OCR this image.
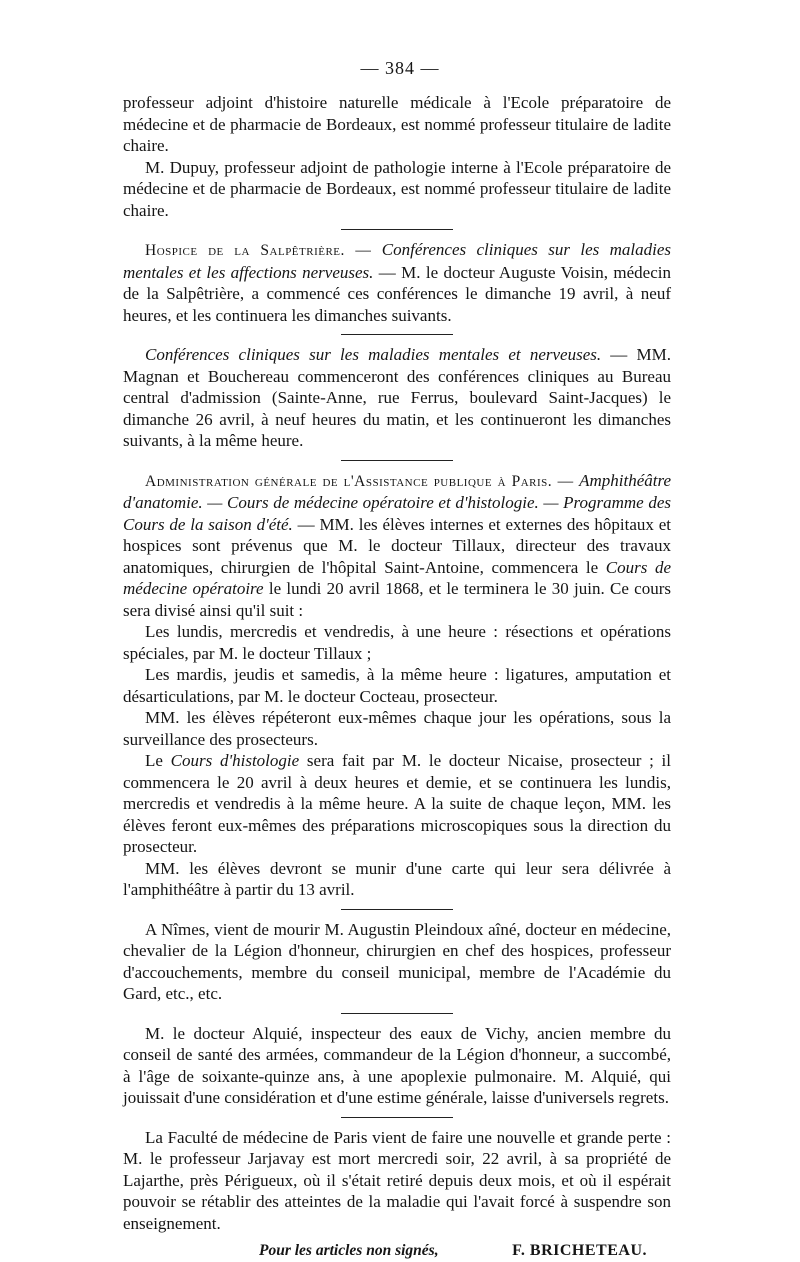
— 384 —

professeur adjoint d'histoire naturelle médicale à l'Ecole préparatoire de médecine et de pharmacie de Bordeaux, est nommé professeur titulaire de ladite chaire.

M. Dupuy, professeur adjoint de pathologie interne à l'Ecole préparatoire de médecine et de pharmacie de Bordeaux, est nommé professeur titulaire de ladite chaire.

Hospice de la Salpêtrière. — Conférences cliniques sur les maladies mentales et les affections nerveuses. — M. le docteur Auguste Voisin, médecin de la Salpêtrière, a commencé ces conférences le dimanche 19 avril, à neuf heures, et les continuera les dimanches suivants.

Conférences cliniques sur les maladies mentales et nerveuses. — MM. Magnan et Bouchereau commenceront des conférences cliniques au Bureau central d'admission (Sainte-Anne, rue Ferrus, boulevard Saint-Jacques) le dimanche 26 avril, à neuf heures du matin, et les continueront les dimanches suivants, à la même heure.

Administration générale de l'Assistance publique à Paris. — Amphithéâtre d'anatomie. — Cours de médecine opératoire et d'histologie. — Programme des Cours de la saison d'été. — MM. les élèves internes et externes des hôpitaux et hospices sont prévenus que M. le docteur Tillaux, directeur des travaux anatomiques, chirurgien de l'hôpital Saint-Antoine, commencera le Cours de médecine opératoire le lundi 20 avril 1868, et le terminera le 30 juin. Ce cours sera divisé ainsi qu'il suit :

Les lundis, mercredis et vendredis, à une heure : résections et opérations spéciales, par M. le docteur Tillaux ;

Les mardis, jeudis et samedis, à la même heure : ligatures, amputation et désarticulations, par M. le docteur Cocteau, prosecteur.

MM. les élèves répéteront eux-mêmes chaque jour les opérations, sous la surveillance des prosecteurs.

Le Cours d'histologie sera fait par M. le docteur Nicaise, prosecteur ; il commencera le 20 avril à deux heures et demie, et se continuera les lundis, mercredis et vendredis à la même heure. A la suite de chaque leçon, MM. les élèves feront eux-mêmes des préparations microscopiques sous la direction du prosecteur.

MM. les élèves devront se munir d'une carte qui leur sera délivrée à l'amphithéâtre à partir du 13 avril.

A Nîmes, vient de mourir M. Augustin Pleindoux aîné, docteur en médecine, chevalier de la Légion d'honneur, chirurgien en chef des hospices, professeur d'accouchements, membre du conseil municipal, membre de l'Académie du Gard, etc., etc.

M. le docteur Alquié, inspecteur des eaux de Vichy, ancien membre du conseil de santé des armées, commandeur de la Légion d'honneur, a succombé, à l'âge de soixante-quinze ans, à une apoplexie pulmonaire. M. Alquié, qui jouissait d'une considération et d'une estime générale, laisse d'universels regrets.

La Faculté de médecine de Paris vient de faire une nouvelle et grande perte : M. le professeur Jarjavay est mort mercredi soir, 22 avril, à sa propriété de Lajarthe, près Périgueux, où il s'était retiré depuis deux mois, et où il espérait pouvoir se rétablir des atteintes de la maladie qui l'avait forcé à suspendre son enseignement.

Pour les articles non signés,	F. BRICHETEAU.
